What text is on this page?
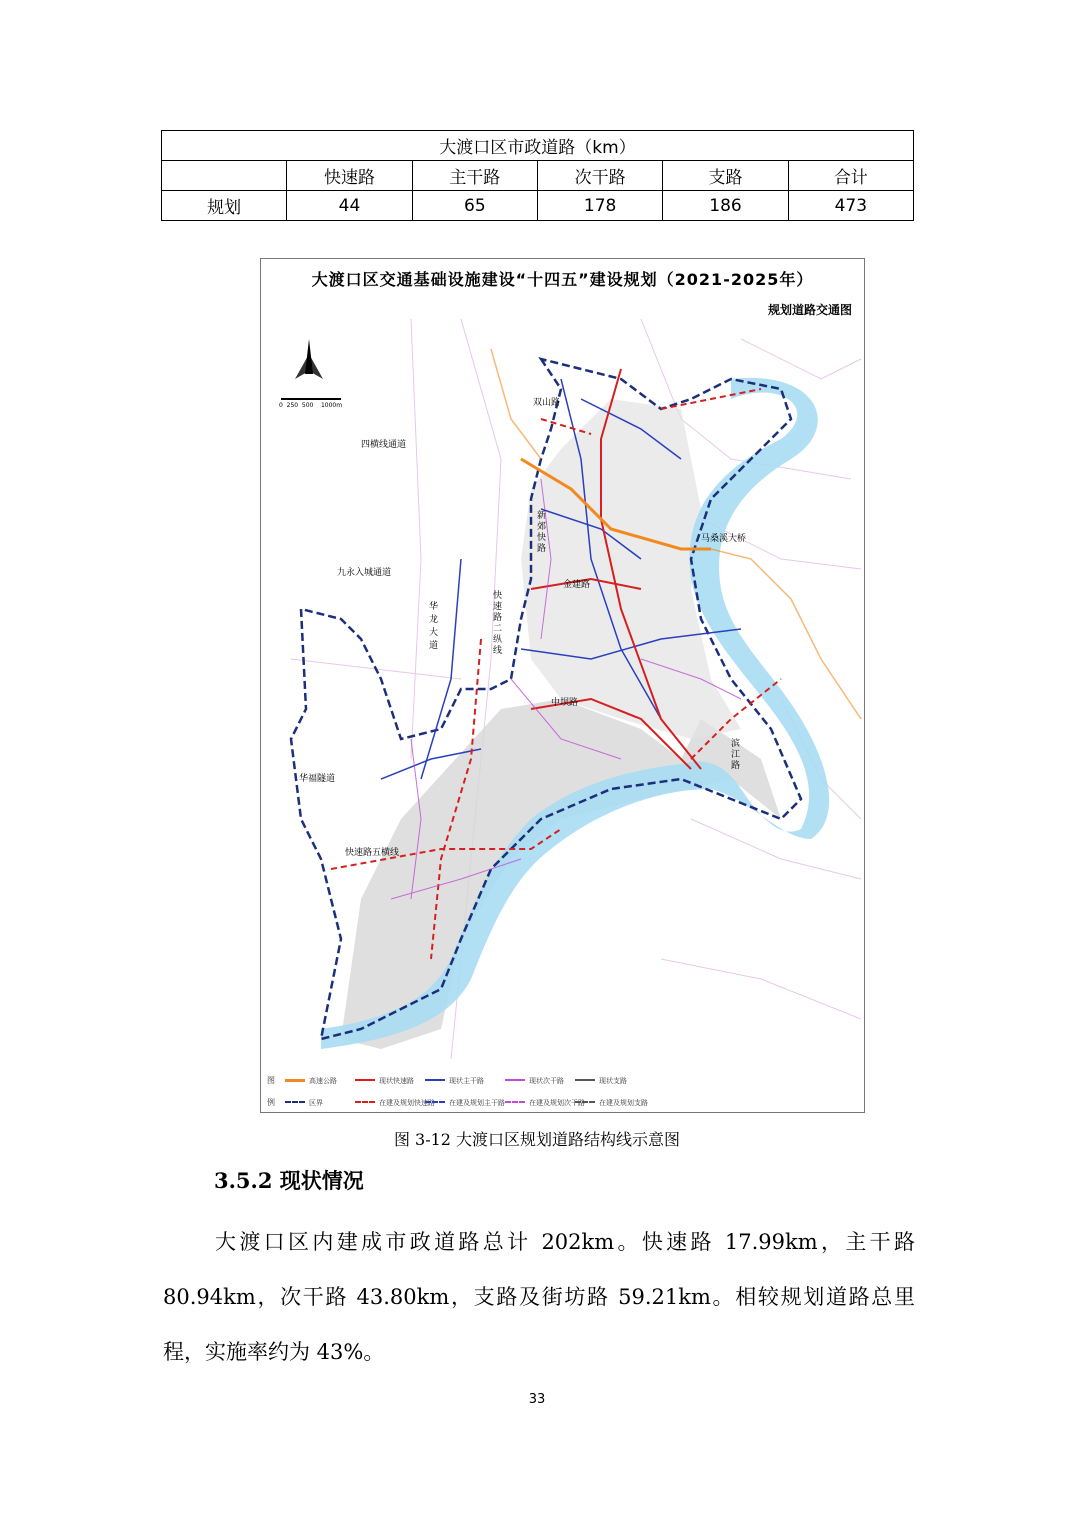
大渡口区市政道路（km）					
	快速路	主干路	次干路	支路	合计
规划	44	65	178	186	473
大渡口区交通基础设施建设“十四五”建设规划（2021-2025年）
规划道路交通图
0  250  500    1000m	双山路
四横线通道
九永入城通道
华龙大道
快速路二纵线
华福隧道
快速路五横线
马桑溪大桥
金建路
中坝路
新郊快路
滨江路
图
例
高速公路	现状快速路	现状主干路	现状次干路	现状支路
区界	在建及规划快速路 在建及规划主干路	在建及规划次干路 在建及规划支路
图 3-12 大渡口区规划道路结构线示意图
3.5.2 现状情况
大渡口区内建成市政道路总计 202km。快速路 17.99km，主干路 80.94km，次干路 43.80km，支路及街坊路 59.21km。相较规划道路总里程，实施率约为 43%。
33
